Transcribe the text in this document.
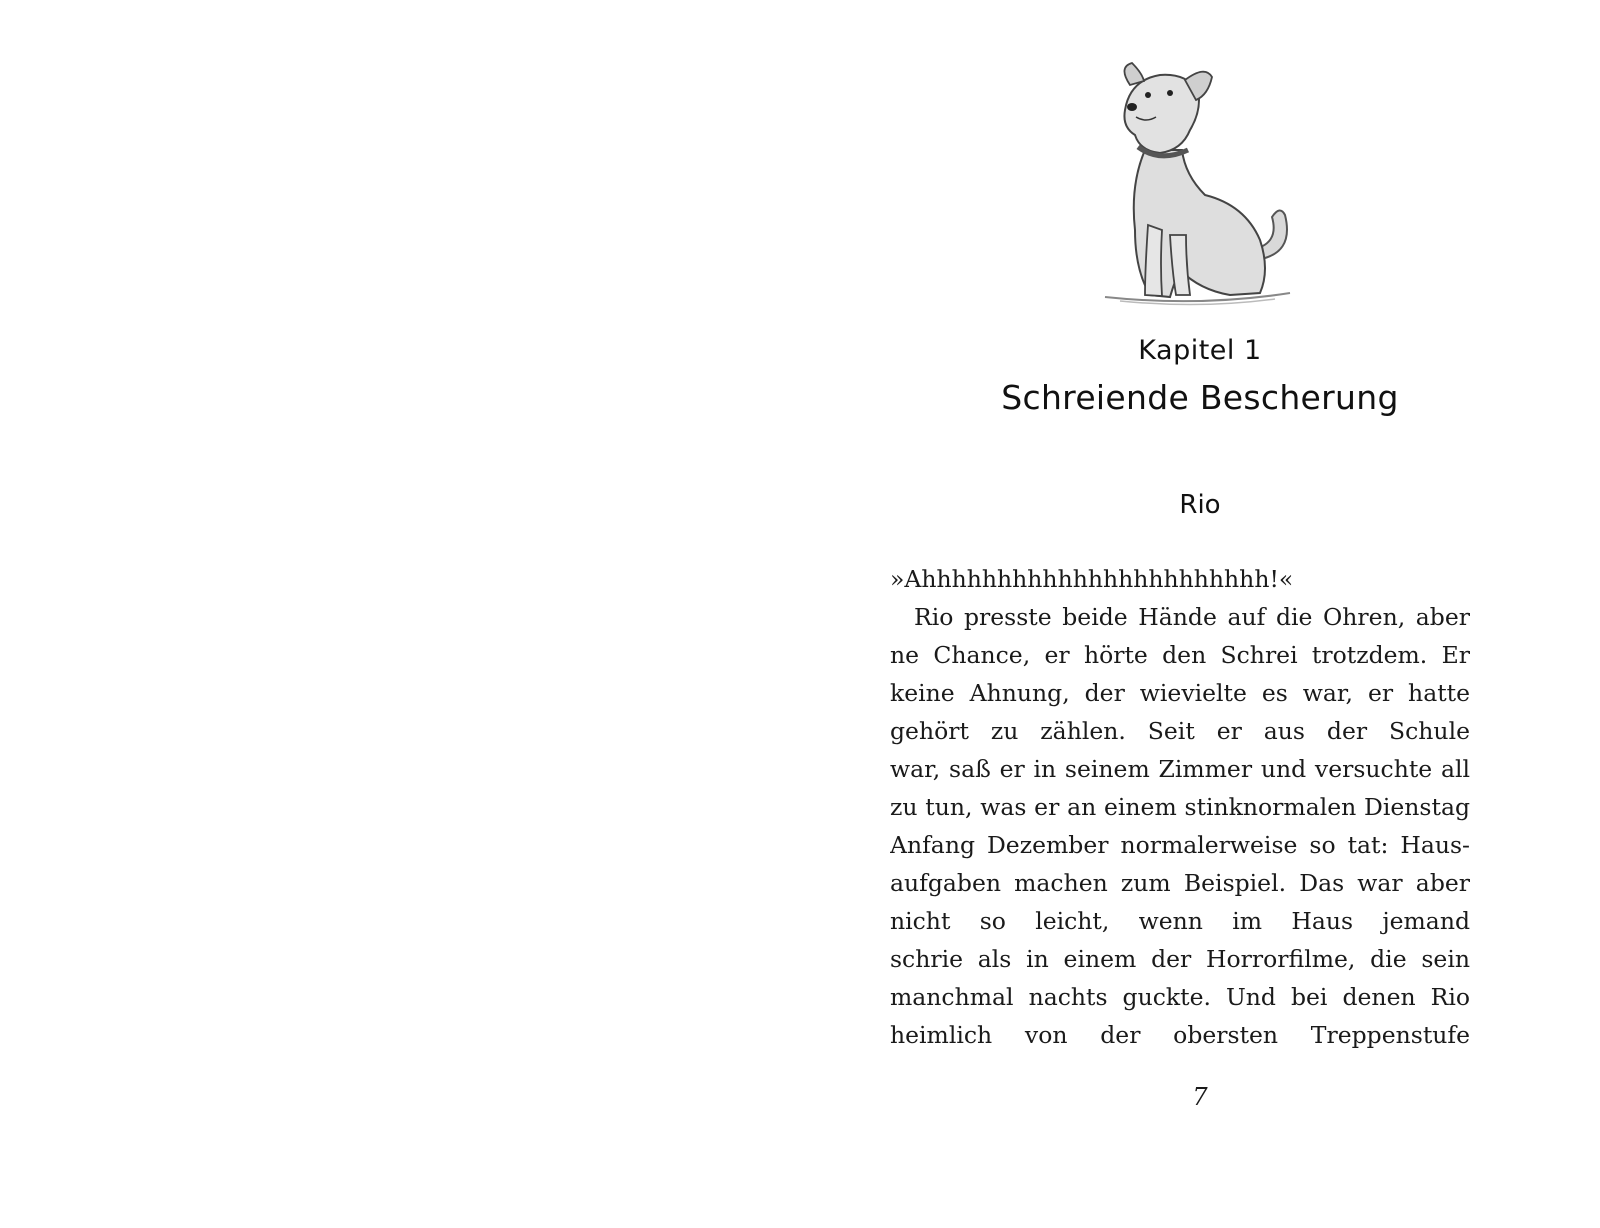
Kapitel 1
Schreiende Bescherung
Rio
»Ahhhhhhhhhhhhhhhhhhhhhhh!«
Rio presste beide Hände auf die Ohren, aber
ne Chance, er hörte den Schrei trotzdem. Er
keine Ahnung, der wievielte es war, er hatte
gehört zu zählen. Seit er aus der Schule
war, saß er in seinem Zimmer und versuchte all
zu tun, was er an einem stinknormalen Dienstag
Anfang Dezember normalerweise so tat: Haus-
aufgaben machen zum Beispiel. Das war aber
nicht so leicht, wenn im Haus jemand
schrie als in einem der Horrorfilme, die sein
manchmal nachts guckte. Und bei denen Rio
heimlich von der obersten Treppenstufe
7
